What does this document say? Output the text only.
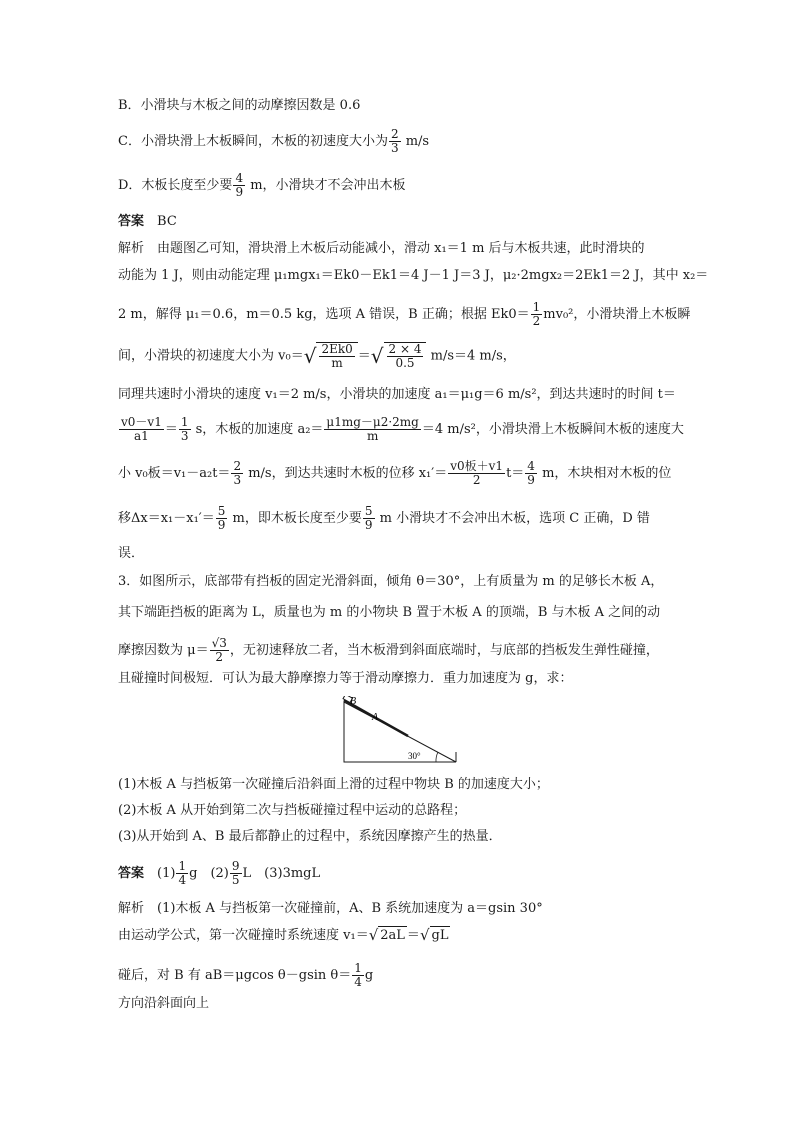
B．小滑块与木板之间的动摩擦因数是 0.6
C．小滑块滑上木板瞬间，木板的初速度大小为 $\frac{2}{3} m/s$
D．木板长度至少要 $\frac{4}{9}$ m，小滑块才不会冲出木板
答案　 BC
解析　由题图乙可知，滑块滑上木板后动能减小，滑动 x₁＝1 m 后与木板共速，此时滑块的
动能为 1 J，则由动能定理 μ₁mgx₁＝Ek0－Ek1＝4 J－1 J＝3 J，μ₂·2mgx₂＝2Ek1＝2 J，其中 x₂＝
2 m，解得 μ₁＝0.6，m＝0.5 kg，选项 A 错误，B 正确；根据 $Ek0= \frac{1}{2} mv_0^2$，小滑块滑上木板瞬
间，小滑块的初速度大小为 v₀＝ √ $\frac{2Ek0}{m}$ ＝ √ $\frac{2 \times 4}{0.5} m/s=4$ m/s，
同理共速时小滑块的速度 v₁＝2 m/s，小滑块的加速度 a₁＝μ₁g＝6 m/s²，到达共速时的时间 t＝
$\frac{v0-v1}{a1} = \frac{1}{3}$ s，木板的加速度 $a_2= \frac{\mu 1mg-\mu 2\cdot 2mg}{m} =4$ m/s²，小滑块滑上木板瞬间木板的速度大
小 v₀板$=v_1-a_2t= \frac{2}{3} m/s$，到达共速时木板的位移 $x_1'= \frac{\text{v0板＋v1}}{2} t= \frac{4}{9}$ m，木块相对木板的位
移$\Delta x=x_1-x_1'= \frac{5}{9}$ m，即木板长度至少要 $\frac{5}{9}$ m 小滑块才不会冲出木板，选项 C 正确，D 错
误．
3．如图所示，底部带有挡板的固定光滑斜面，倾角 θ＝30°，上有质量为 m 的足够长木板 A，
其下端距挡板的距离为 L，质量也为 m 的小物块 B 置于木板 A 的顶端，B 与木板 A 之间的动
摩擦因数为 $\mu= \frac{√3}{2}$ ，无初速释放二者，当木板滑到斜面底端时，与底部的挡板发生弹性碰撞，
且碰撞时间极短．可认为最大静摩擦力等于滑动摩擦力．重力加速度为 g，求：
B
A
30°
(1)木板 A 与挡板第一次碰撞后沿斜面上滑的过程中物块 B 的加速度大小；
(2)木板 A 从开始到第二次与挡板碰撞过程中运动的总路程；
(3)从开始到 A、B 最后都静止的过程中，系统因摩擦产生的热量．
答案　 $(1) \frac{1}{4}$ g　 $(2) \frac{9}{5}$ L　 (3)3mgL
解析　(1)木板 A 与挡板第一次碰撞前，A、B 系统加速度为 a＝gsin 30°
由运动学公式，第一次碰撞时系统速度 v₁＝ √ 2aL ＝ √ gL
碰后，对 B 有 aB＝μgcos θ－gsin $\theta= \frac{1}{4}$ g
方向沿斜面向上
